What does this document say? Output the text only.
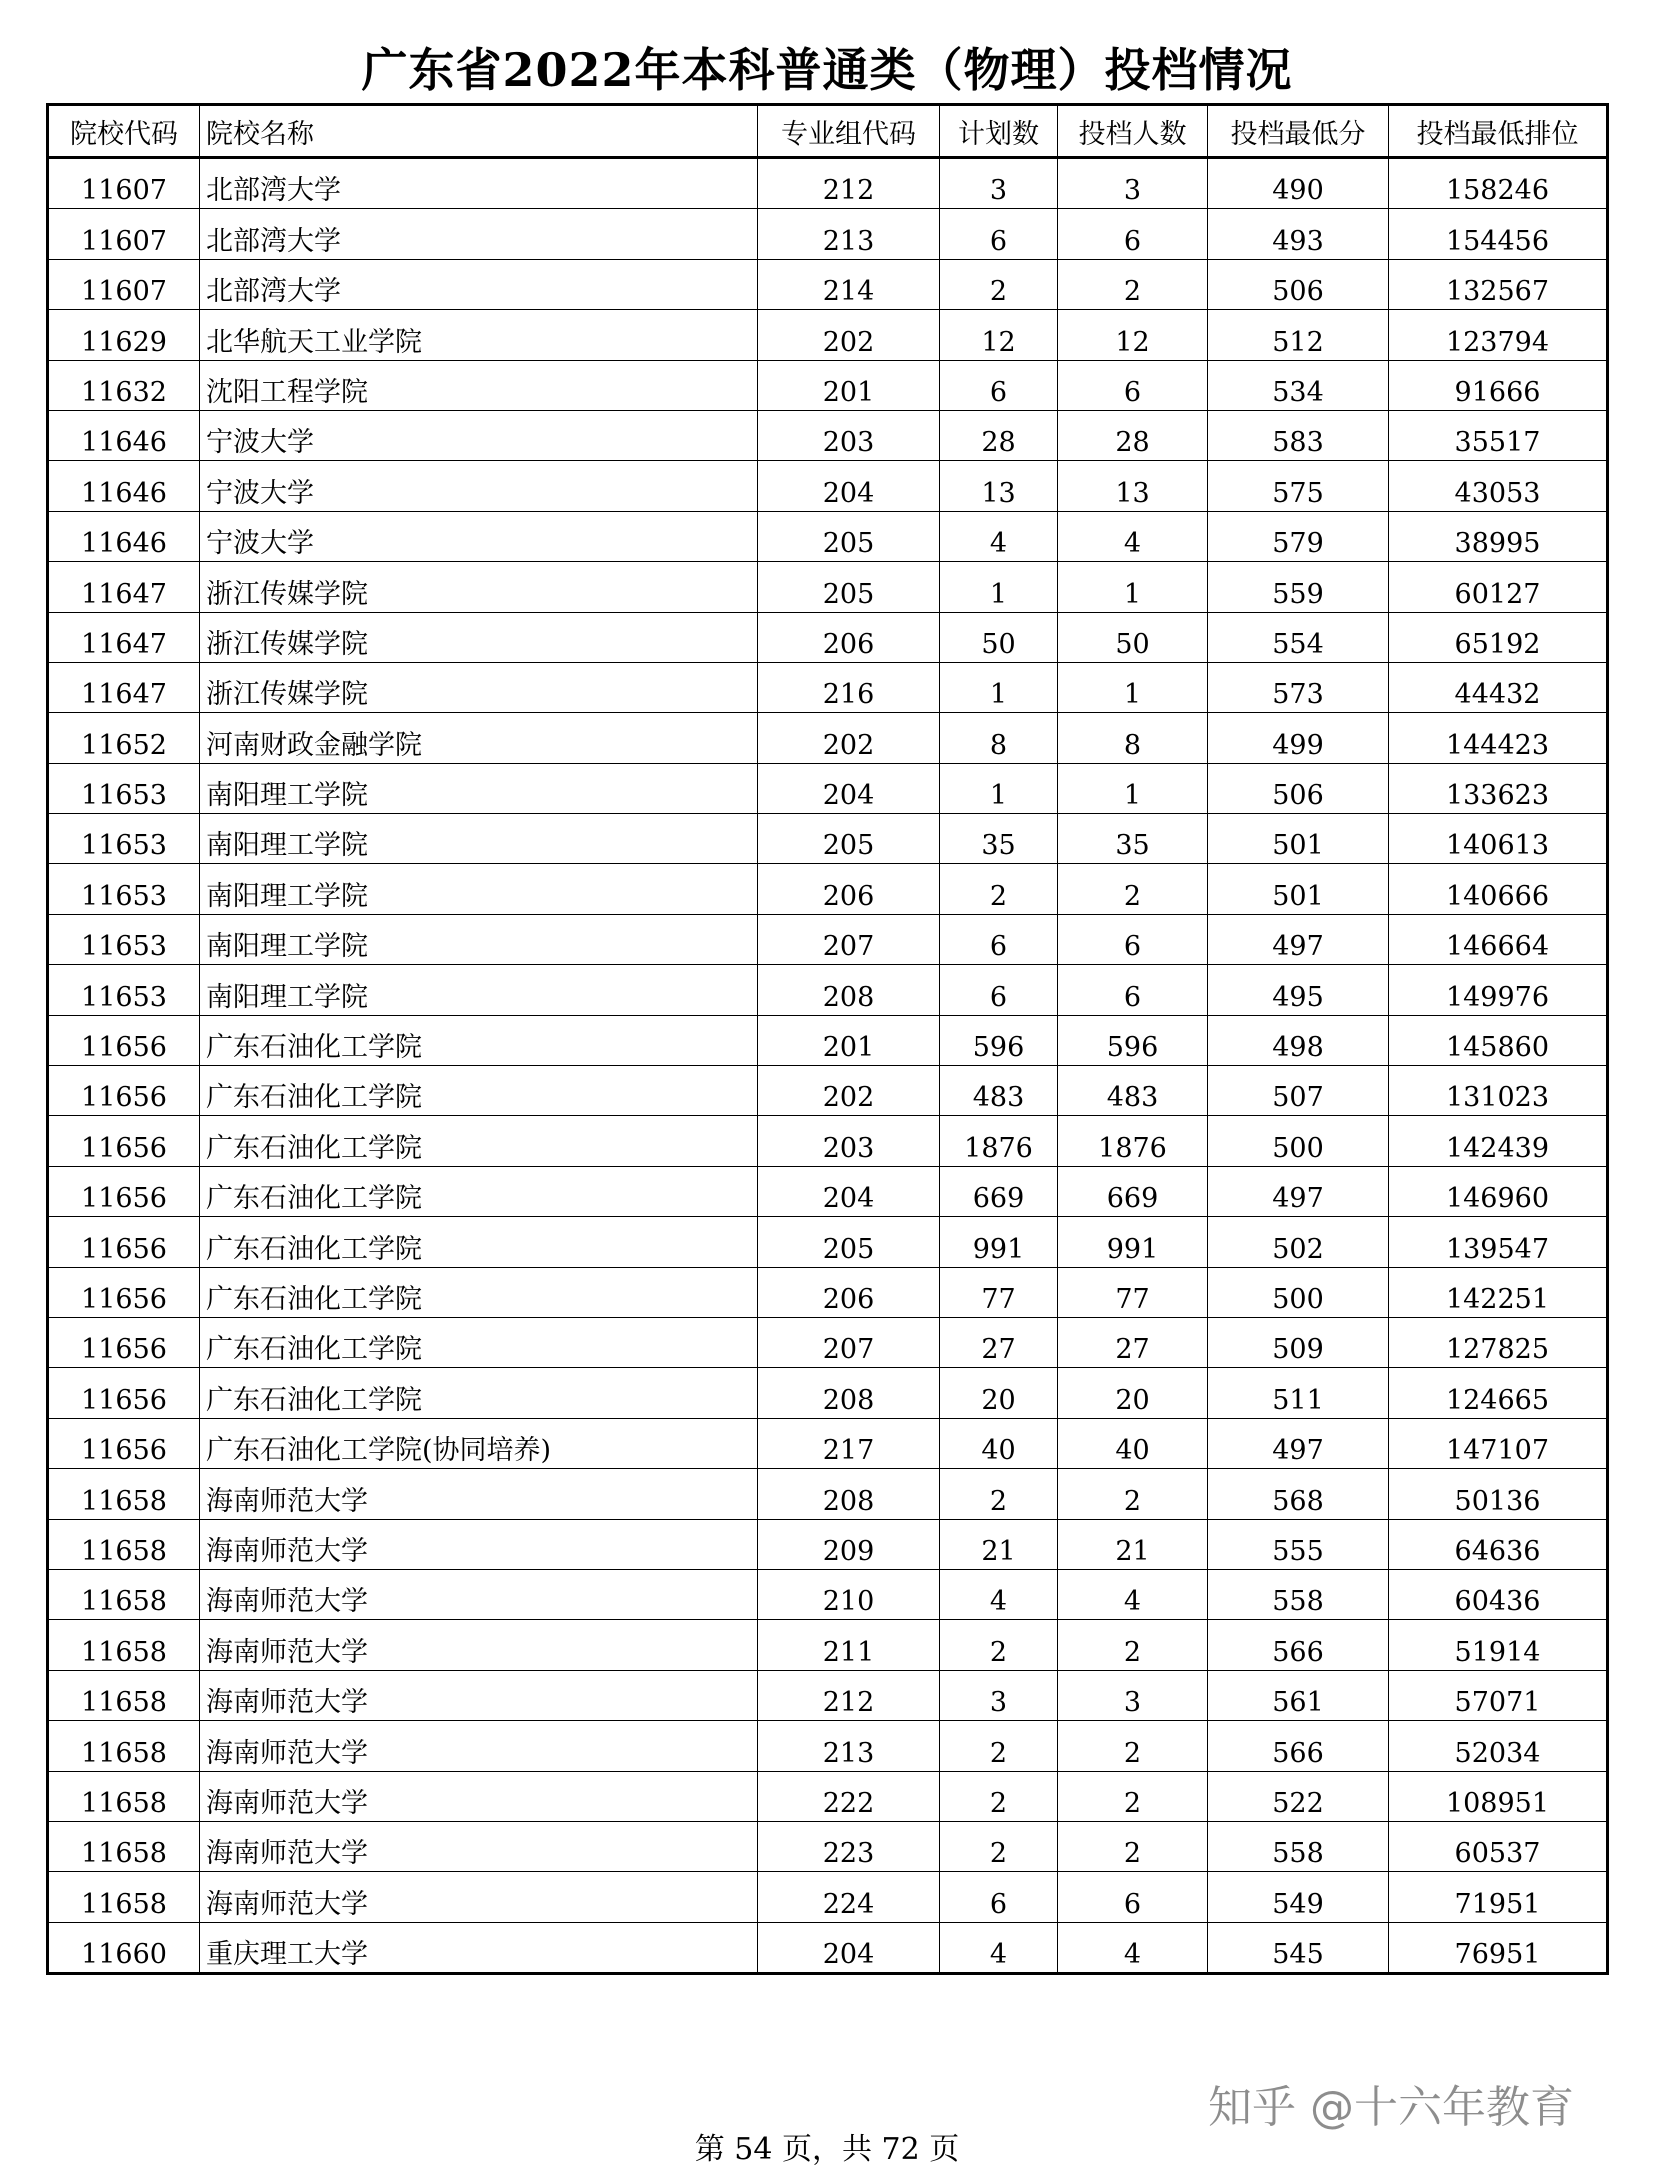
广东省2022年本科普通类（物理）投档情况
院校代码	院校名称	专业组代码	计划数	投档人数	投档最低分	投档最低排位
11607	北部湾大学	212	3	3	490	158246
11607	北部湾大学	213	6	6	493	154456
11607	北部湾大学	214	2	2	506	132567
11629	北华航天工业学院	202	12	12	512	123794
11632	沈阳工程学院	201	6	6	534	91666
11646	宁波大学	203	28	28	583	35517
11646	宁波大学	204	13	13	575	43053
11646	宁波大学	205	4	4	579	38995
11647	浙江传媒学院	205	1	1	559	60127
11647	浙江传媒学院	206	50	50	554	65192
11647	浙江传媒学院	216	1	1	573	44432
11652	河南财政金融学院	202	8	8	499	144423
11653	南阳理工学院	204	1	1	506	133623
11653	南阳理工学院	205	35	35	501	140613
11653	南阳理工学院	206	2	2	501	140666
11653	南阳理工学院	207	6	6	497	146664
11653	南阳理工学院	208	6	6	495	149976
11656	广东石油化工学院	201	596	596	498	145860
11656	广东石油化工学院	202	483	483	507	131023
11656	广东石油化工学院	203	1876	1876	500	142439
11656	广东石油化工学院	204	669	669	497	146960
11656	广东石油化工学院	205	991	991	502	139547
11656	广东石油化工学院	206	77	77	500	142251
11656	广东石油化工学院	207	27	27	509	127825
11656	广东石油化工学院	208	20	20	511	124665
11656	广东石油化工学院(协同培养)	217	40	40	497	147107
11658	海南师范大学	208	2	2	568	50136
11658	海南师范大学	209	21	21	555	64636
11658	海南师范大学	210	4	4	558	60436
11658	海南师范大学	211	2	2	566	51914
11658	海南师范大学	212	3	3	561	57071
11658	海南师范大学	213	2	2	566	52034
11658	海南师范大学	222	2	2	522	108951
11658	海南师范大学	223	2	2	558	60537
11658	海南师范大学	224	6	6	549	71951
11660	重庆理工大学	204	4	4	545	76951
知乎 @十六年教育
第 54 页，共 72 页
